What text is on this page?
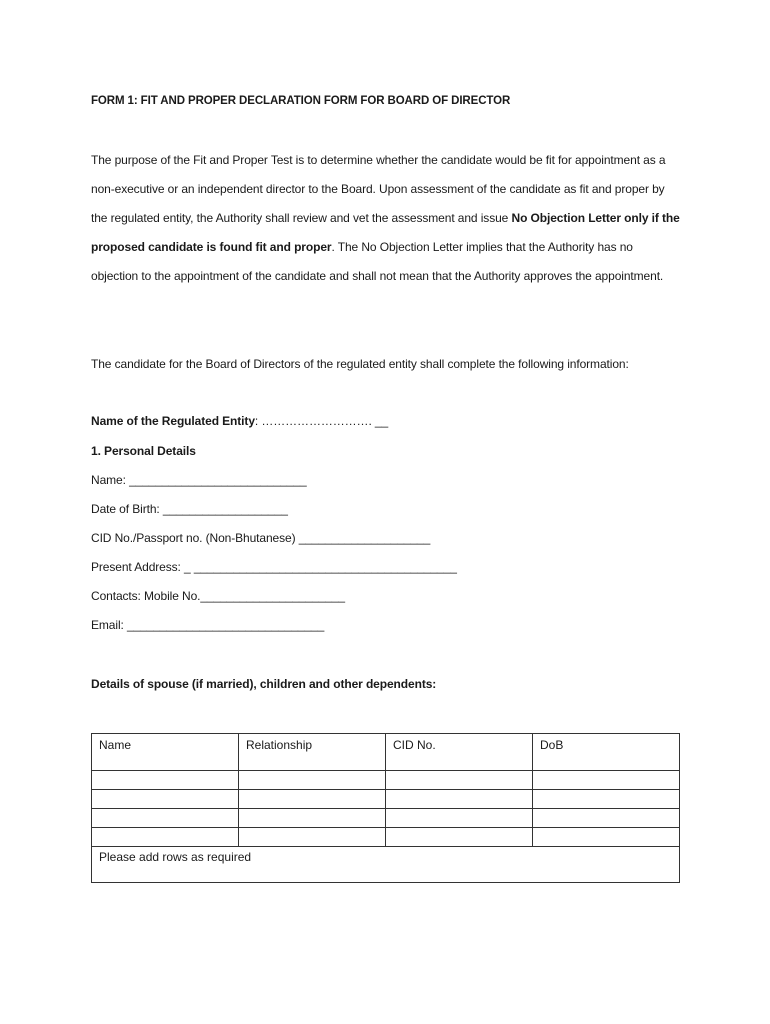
FORM 1: FIT AND PROPER DECLARATION FORM FOR BOARD OF DIRECTOR
The purpose of the Fit and Proper Test is to determine whether the candidate would be fit for appointment as a non-executive or an independent director to the Board. Upon assessment of the candidate as fit and proper by the regulated entity, the Authority shall review and vet the assessment and issue No Objection Letter only if the proposed candidate is found fit and proper. The No Objection Letter implies that the Authority has no objection to the appointment of the candidate and shall not mean that the Authority approves the appointment.
The candidate for the Board of Directors of the regulated entity shall complete the following information:
Name of the Regulated Entity: ………………………. __
1. Personal Details
Name: ___________________________
Date of Birth: ___________________
CID No./Passport no. (Non-Bhutanese) ____________________
Present Address: _ ________________________________________
Contacts: Mobile No.______________________
Email: ______________________________
Details of spouse (if married), children and other dependents:
Name	Relationship	CID No.	DoB

Please add rows as required			
